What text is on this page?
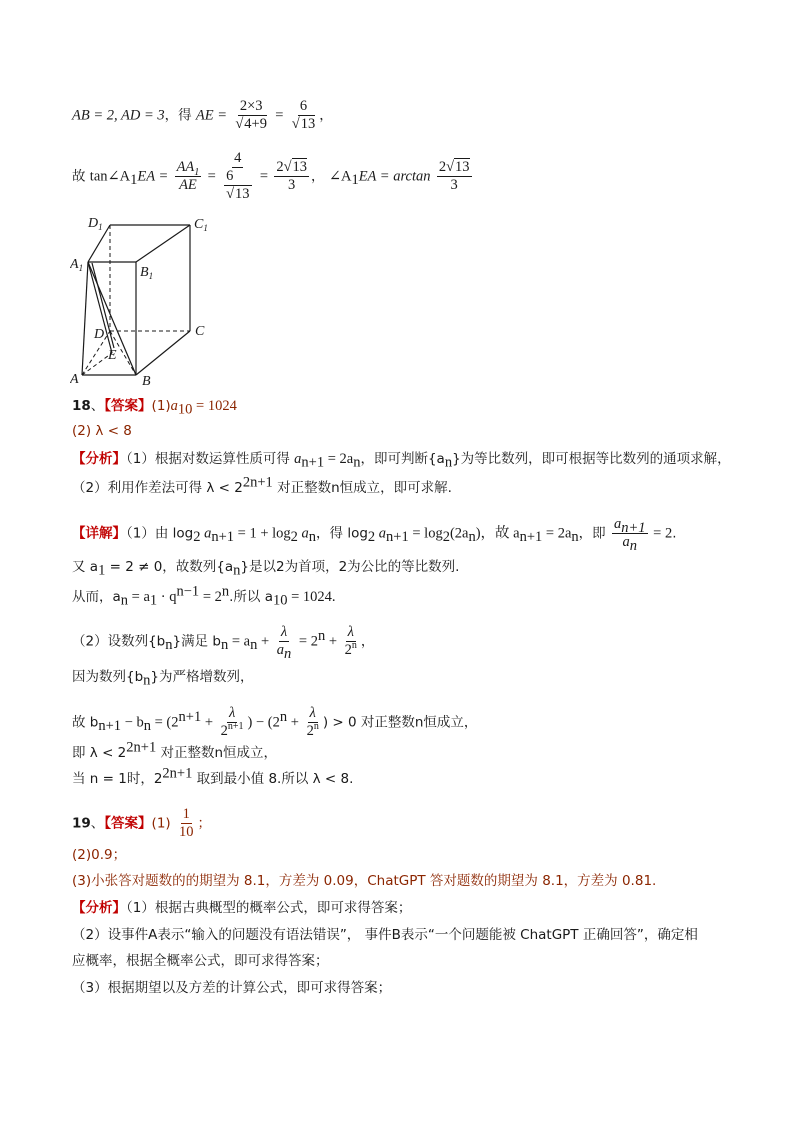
AB = 2, AD = 3，得 AE = $\frac{2\times 3}{√4+9} = \frac{6}{√13}$ ，
故 $\tan\angle A_1EA = \frac{AA_1}{AE} = \frac{4}{\frac{6}{√13}} = \frac{2√13}{3}$ ， $\angle A_1EA = \arctan \frac{2√13}{3}$
$D_1$	$C_1$
$A_1$	$B_1$
D	C
E
A	B
18、【答案】$(1)a_{10} = 1024$
(2) λ < 8
【分析】（1）根据对数运算性质可得 $a_{n+1} = 2a_n$，即可判断$\{a_n\}$为等比数列，即可根据等比数列的通项求解，
（2）利用作差法可得 $\lambda < 2^{2n+1}$ 对正整数n恒成立，即可求解.
【详解】（1）由 $\log_2 a_{n+1} = 1 + \log_2 a_n$，得 $\log_2 a_{n+1} = \log_2(2a_n)$，故 $a_{n+1} = 2a_n$，即 $\frac{a_{n+1}}{a_n} = 2$.
又 $a_1 = 2 \ne 0$，故数列$\{a_n\}$是以2为首项，2为公比的等比数列.
从而，$a_n = a_1 \cdot q^{n-1} = 2^n$.所以 $a_{10} = 1024$.
（2）设数列$\{b_n\}$满足 $b_n = a_n + \frac{\lambda}{a_n} = 2^n + \frac{\lambda}{2^n}$ ，
因为数列$\{b_n\}$为严格增数列，
故 $b_{n+1} - b_n = (2^{n+1} + \frac{\lambda}{2^{n+1}}$ ) − ($2^n + \frac{\lambda}{2^n}$ ) > 0 对正整数n恒成立，
即 $\lambda < 2^{2n+1}$ 对正整数n恒成立，
当 n = 1时，$2^{2n+1}$ 取到最小值 8.所以 λ < 8.
19、【答案】$(1) \frac{1}{10}$ ；
(2)0.9；
(3)小张答对题数的的期望为 8.1，方差为 0.09，ChatGPT 答对题数的期望为 8.1，方差为 0.81.
【分析】（1）根据古典概型的概率公式，即可求得答案；
（2）设事件A表示“输入的问题没有语法错误”， 事件B表示“一个问题能被 ChatGPT 正确回答”，确定相
应概率，根据全概率公式，即可求得答案；
（3）根据期望以及方差的计算公式，即可求得答案；
